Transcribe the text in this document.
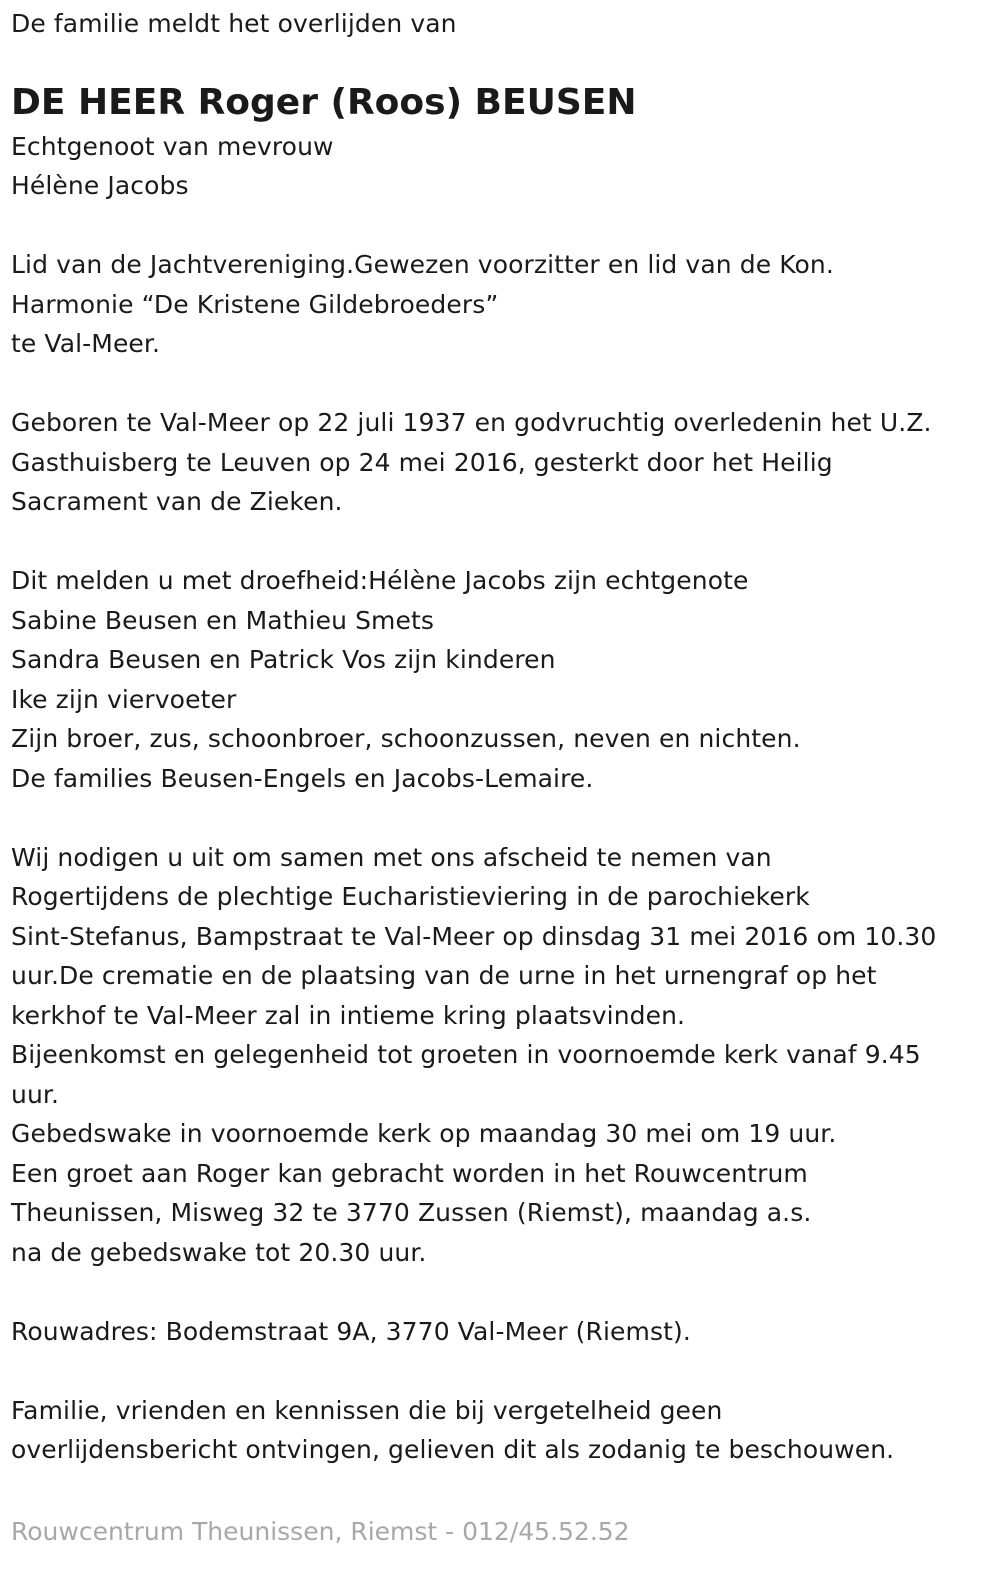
De familie meldt het overlijden van
DE HEER Roger (Roos) BEUSEN
Echtgenoot van mevrouw
Hélène Jacobs
Lid van de Jachtvereniging.Gewezen voorzitter en lid van de Kon.
Harmonie “De Kristene Gildebroeders”
te Val-Meer.
Geboren te Val-Meer op 22 juli 1937 en godvruchtig overledenin het U.Z.
Gasthuisberg te Leuven op 24 mei 2016, gesterkt door het Heilig
Sacrament van de Zieken.
Dit melden u met droefheid:Hélène Jacobs zijn echtgenote
Sabine Beusen en Mathieu Smets
Sandra Beusen en Patrick Vos zijn kinderen
Ike zijn viervoeter
Zijn broer, zus, schoonbroer, schoonzussen, neven en nichten.
De families Beusen-Engels en Jacobs-Lemaire.
Wij nodigen u uit om samen met ons afscheid te nemen van
Rogertijdens de plechtige Eucharistieviering in de parochiekerk
Sint-Stefanus, Bampstraat te Val-Meer op dinsdag 31 mei 2016 om 10.30
uur.De crematie en de plaatsing van de urne in het urnengraf op het
kerkhof te Val-Meer zal in intieme kring plaatsvinden.
Bijeenkomst en gelegenheid tot groeten in voornoemde kerk vanaf 9.45
uur.
Gebedswake in voornoemde kerk op maandag 30 mei om 19 uur.
Een groet aan Roger kan gebracht worden in het Rouwcentrum
Theunissen, Misweg 32 te 3770 Zussen (Riemst), maandag a.s.
na de gebedswake tot 20.30 uur.
Rouwadres: Bodemstraat 9A, 3770 Val-Meer (Riemst).
Familie, vrienden en kennissen die bij vergetelheid geen
overlijdensbericht ontvingen, gelieven dit als zodanig te beschouwen.
Rouwcentrum Theunissen, Riemst - 012/45.52.52
